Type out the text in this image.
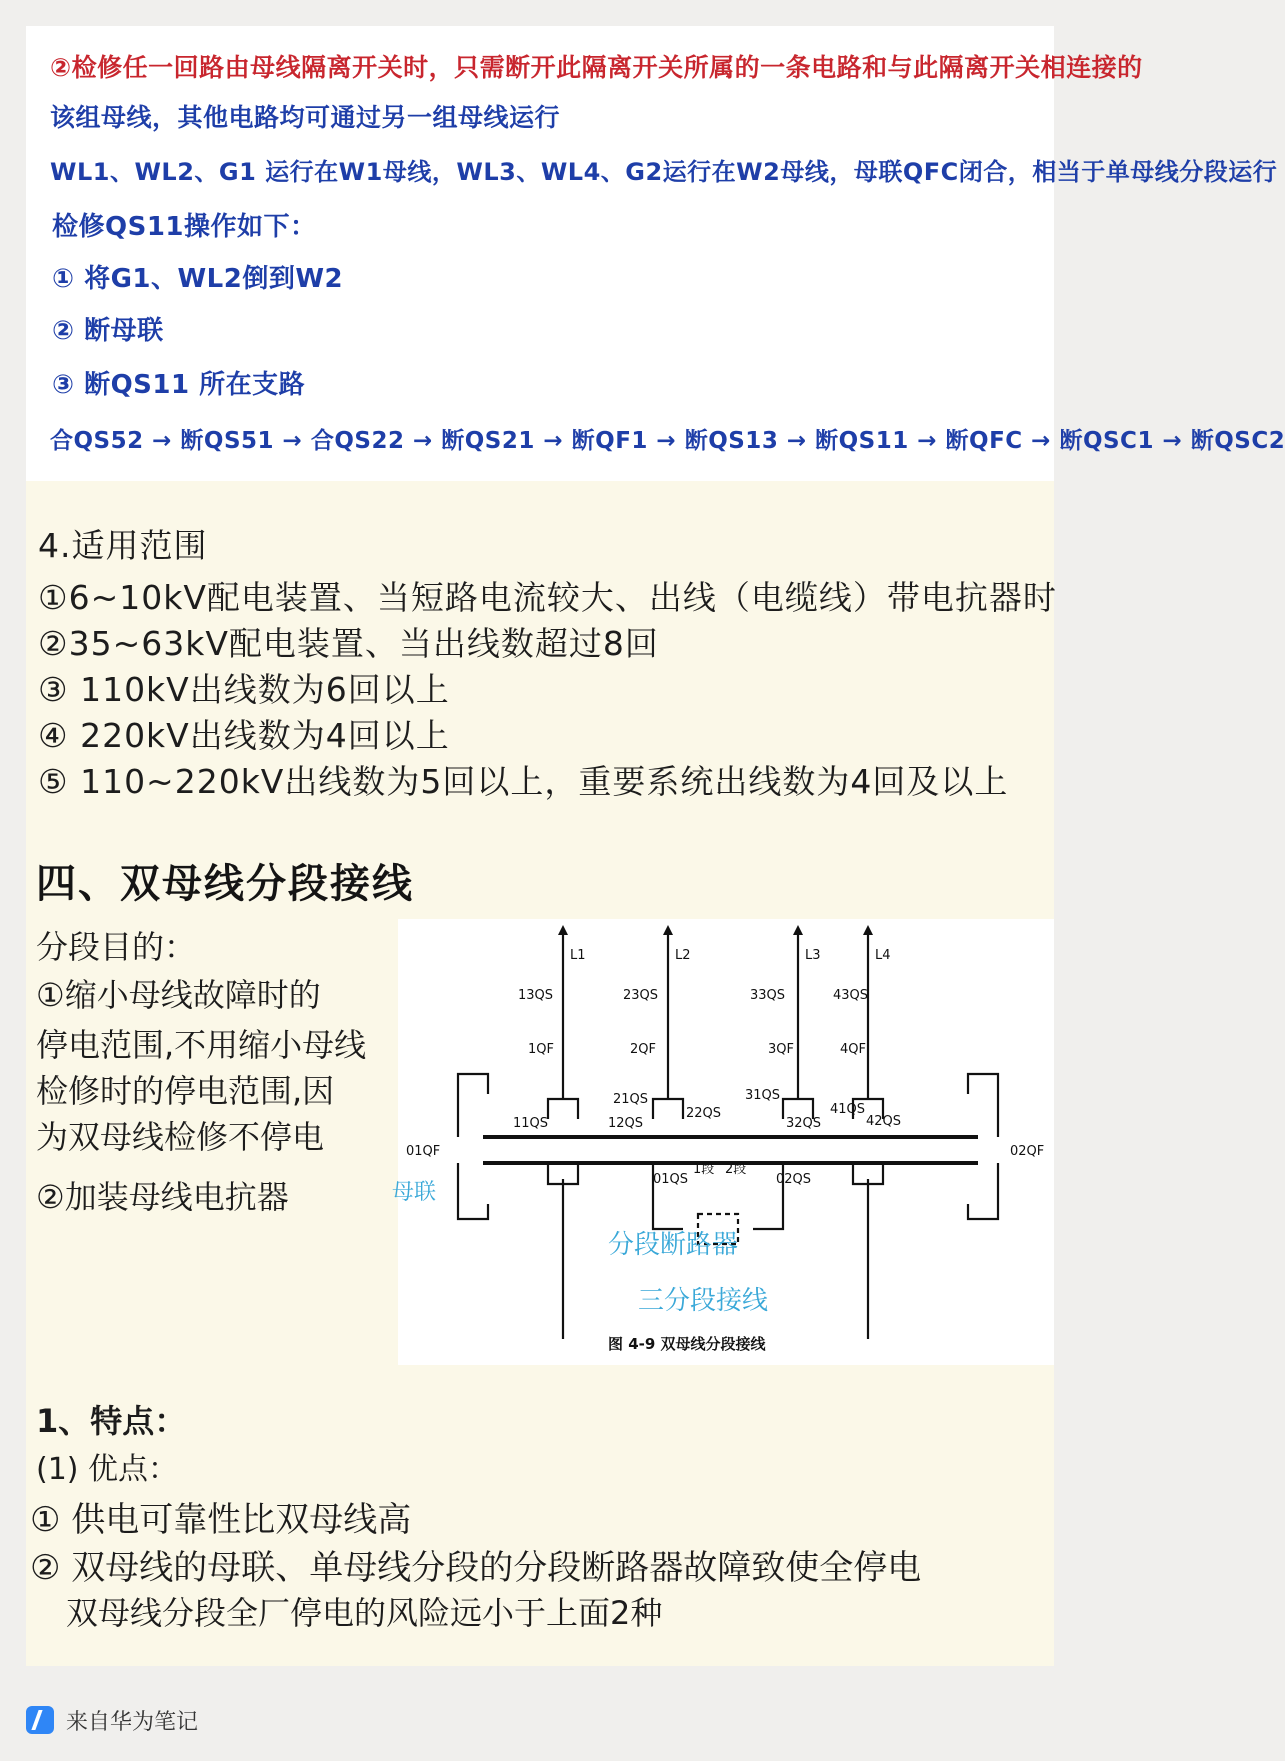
②检修任一回路由母线隔离开关时，只需断开此隔离开关所属的一条电路和与此隔离开关相连接的
该组母线，其他电路均可通过另一组母线运行
WL1、WL2、G1 运行在W1母线，WL3、WL4、G2运行在W2母线，母联QFC闭合，相当于单母线分段运行
检修QS11操作如下：
① 将G1、WL2倒到W2
② 断母联
③ 断QS11 所在支路
合QS52 → 断QS51 → 合QS22 → 断QS21 → 断QF1 → 断QS13 → 断QS11 → 断QFC → 断QSC1 → 断QSC2
4.适用范围
①6~10kV配电装置、当短路电流较大、出线（电缆线）带电抗器时
②35~63kV配电装置、当出线数超过8回
③ 110kV出线数为6回以上
④ 220kV出线数为4回以上
⑤ 110~220kV出线数为5回以上，重要系统出线数为4回及以上
四、双母线分段接线
分段目的：
①缩小母线故障时的
停电范围,不用缩小母线
检修时的停电范围,因
为双母线检修不停电
②加装母线电抗器
1、特点：
(1) 优点：
① 供电可靠性比双母线高
② 双母线的母联、单母线分段的分段断路器故障致使全停电
双母线分段全厂停电的风险远小于上面2种
L1	L2	L3	L4
13QS	23QS	33QS	43QS
1QF	2QF	3QF	4QF
21QS	31QS
11QS	12QS
22QS
32QS
41QS
42QS
01QF	02QF
01QS	02QS
1段 2段
图 4-9 双母线分段接线
母联
分段断路器
三分段接线
来自华为笔记
